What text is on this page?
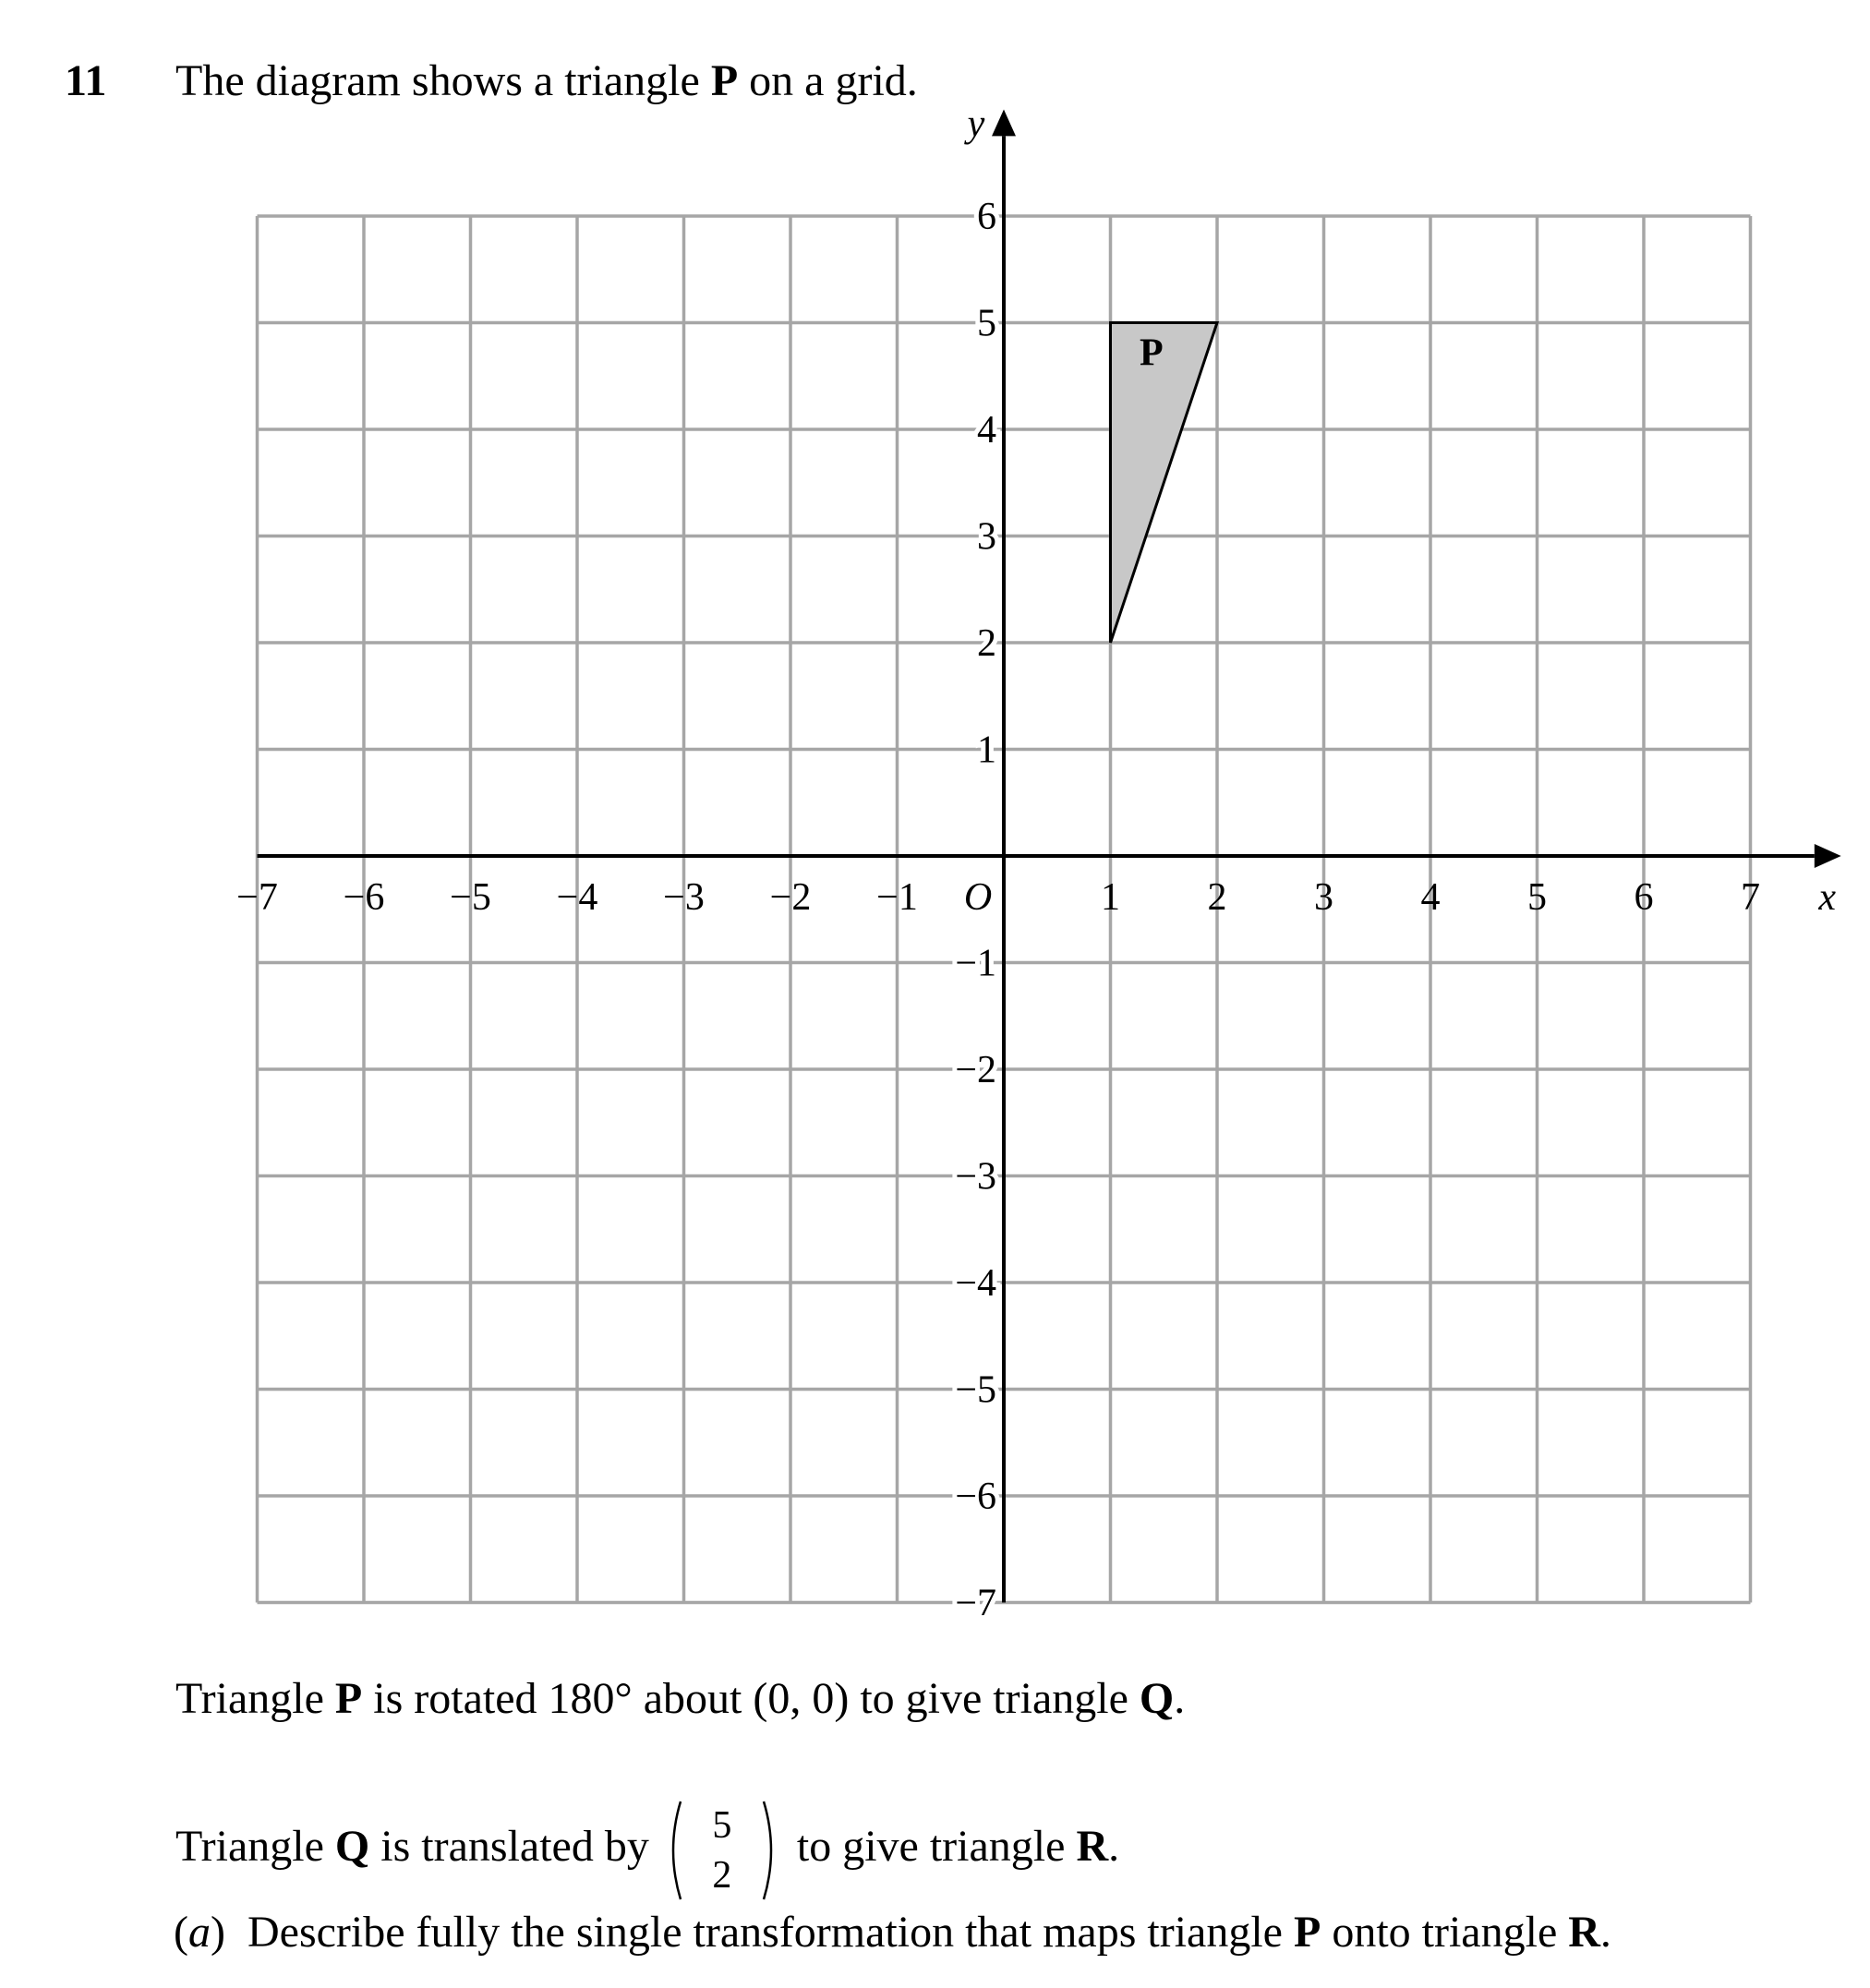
11 The diagram shows a triangle P on a grid.
P
−7 −6 −5 −4 −3 −2 −1	1 2 3 4 5 6 7
6
5
4
3
2
1
−1
−2
−3
−4
−5
−6
−7
O	x
y
Triangle P is rotated 180° about (0, 0) to give triangle Q.
Triangle Q is translated by	5
2
to give triangle R.
(a) Describe fully the single transformation that maps triangle P onto triangle R.
